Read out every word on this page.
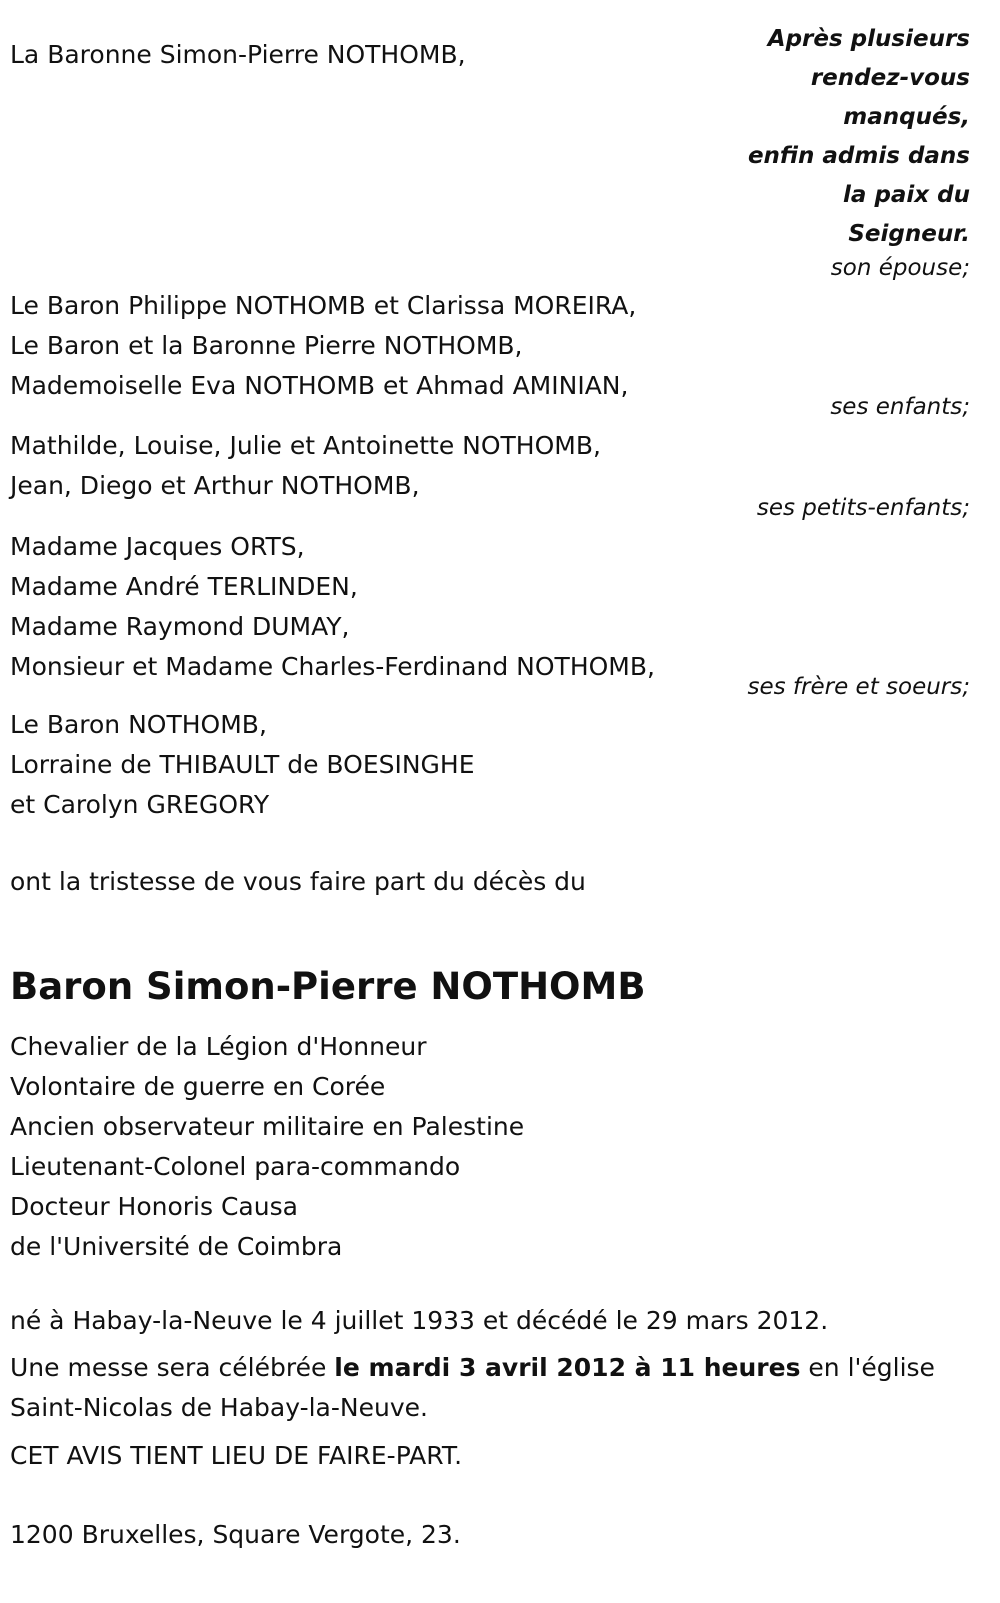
Après plusieurs
rendez-vous
manqués,
enfin admis dans
la paix du
Seigneur.
La Baronne Simon-Pierre NOTHOMB,
son épouse;
Le Baron Philippe NOTHOMB et Clarissa MOREIRA,
Le Baron et la Baronne Pierre NOTHOMB,
Mademoiselle Eva NOTHOMB et Ahmad AMINIAN,
ses enfants;
Mathilde, Louise, Julie et Antoinette NOTHOMB,
Jean, Diego et Arthur NOTHOMB,
ses petits-enfants;
Madame Jacques ORTS,
Madame André TERLINDEN,
Madame Raymond DUMAY,
Monsieur et Madame Charles-Ferdinand NOTHOMB,
ses frère et soeurs;
Le Baron NOTHOMB,
Lorraine de THIBAULT de BOESINGHE
et Carolyn GREGORY
ont la tristesse de vous faire part du décès du
Baron Simon-Pierre NOTHOMB
Chevalier de la Légion d'Honneur
Volontaire de guerre en Corée
Ancien observateur militaire en Palestine
Lieutenant-Colonel para-commando
Docteur Honoris Causa
de l'Université de Coimbra
né à Habay-la-Neuve le 4 juillet 1933 et décédé le 29 mars 2012.
Une messe sera célébrée le mardi 3 avril 2012 à 11 heures en l'église
Saint-Nicolas de Habay-la-Neuve.
CET AVIS TIENT LIEU DE FAIRE-PART.
1200 Bruxelles, Square Vergote, 23.
